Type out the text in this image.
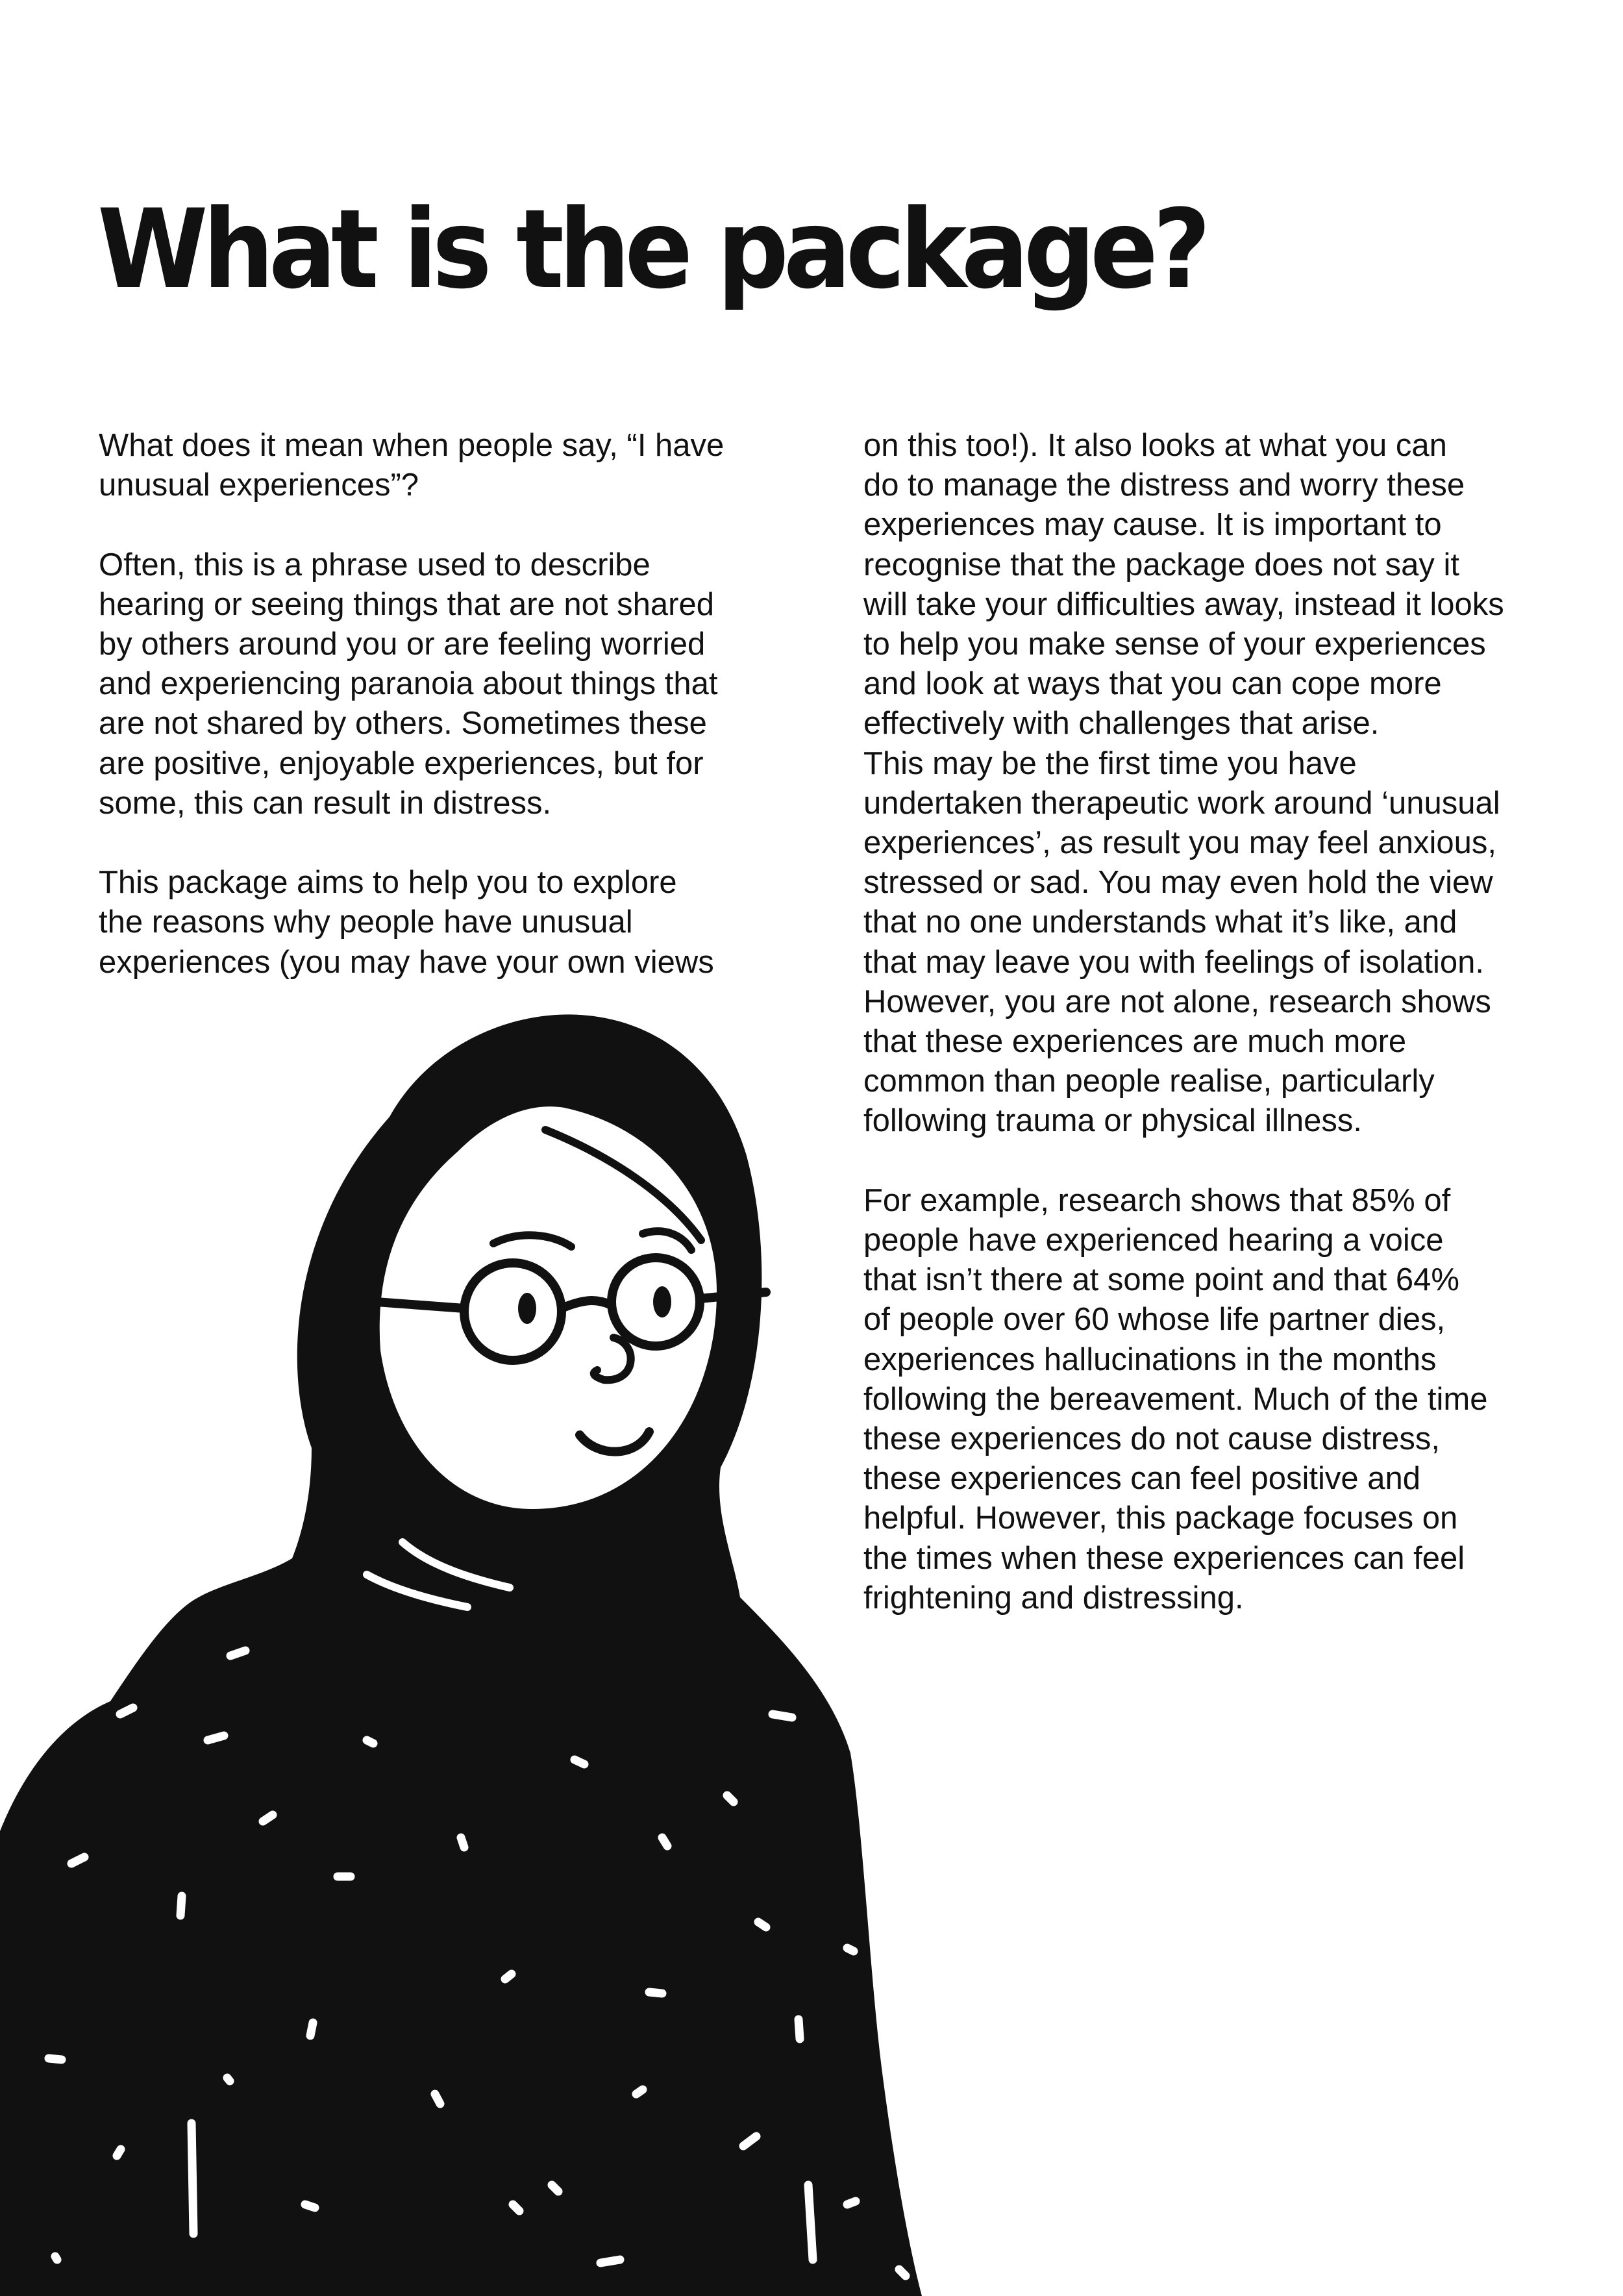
What is the package?
What does it mean when people say, “I have
unusual experiences”?
Often, this is a phrase used to describe
hearing or seeing things that are not shared
by others around you or are feeling worried
and experiencing paranoia about things that
are not shared by others. Sometimes these
are positive, enjoyable experiences, but for
some, this can result in distress.
This package aims to help you to explore
the reasons why people have unusual
experiences (you may have your own views
on this too!). It also looks at what you can
do to manage the distress and worry these
experiences may cause. It is important to
recognise that the package does not say it
will take your difficulties away, instead it looks
to help you make sense of your experiences
and look at ways that you can cope more
effectively with challenges that arise.
This may be the first time you have
undertaken therapeutic work around ‘unusual
experiences’, as result you may feel anxious,
stressed or sad. You may even hold the view
that no one understands what it’s like, and
that may leave you with feelings of isolation.
However, you are not alone, research shows
that these experiences are much more
common than people realise, particularly
following trauma or physical illness.
For example, research shows that 85% of
people have experienced hearing a voice
that isn’t there at some point and that 64%
of people over 60 whose life partner dies,
experiences hallucinations in the months
following the bereavement. Much of the time
these experiences do not cause distress,
these experiences can feel positive and
helpful. However, this package focuses on
the times when these experiences can feel
frightening and distressing.
